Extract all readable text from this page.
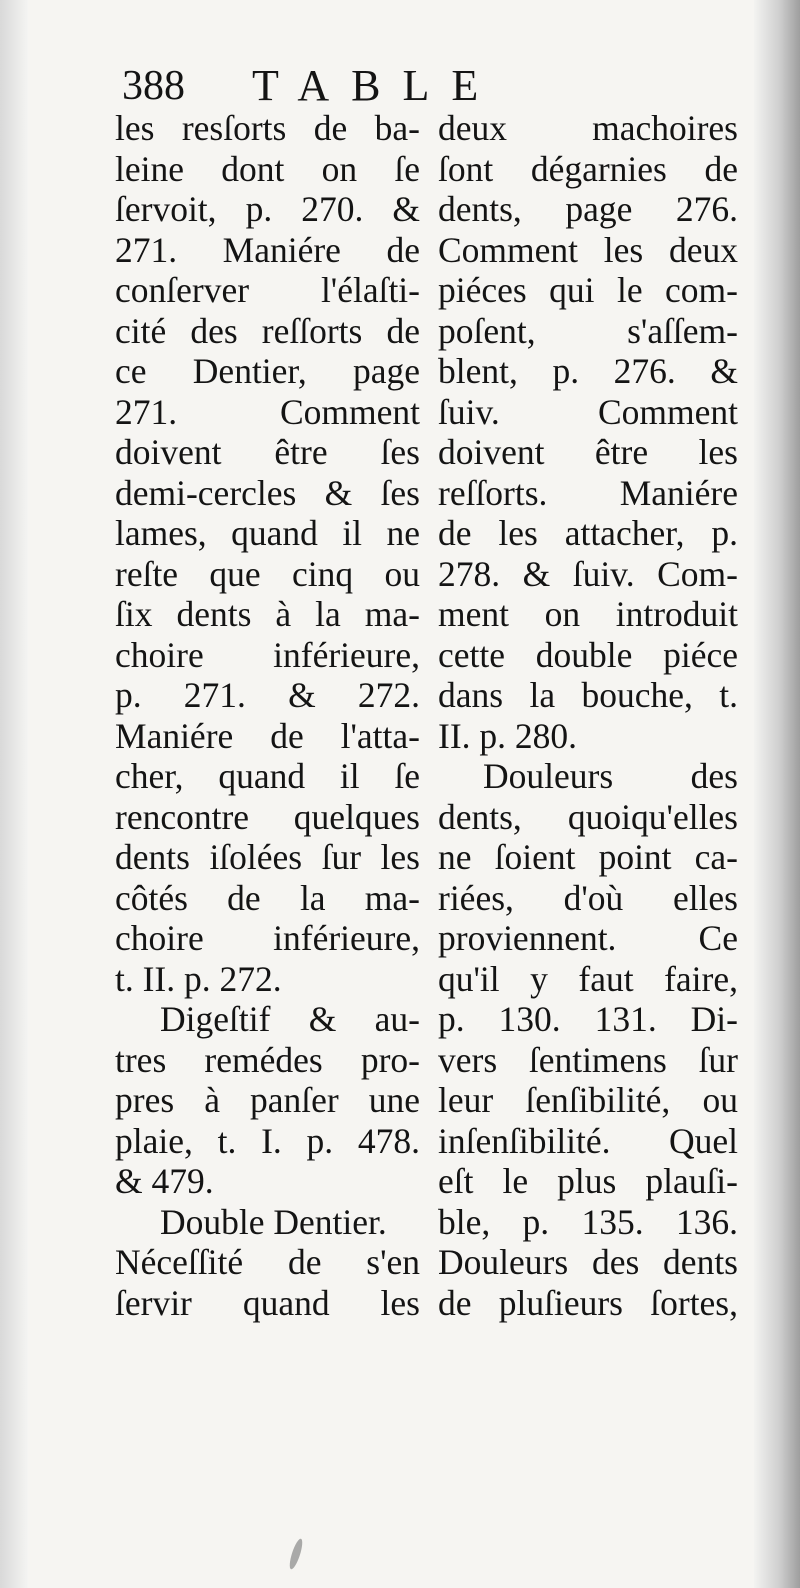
388 TABLE
les resſorts de ba-
leine dont on ſe
ſervoit, p. 270. &
271. Maniére de
conſerver l'élaſti-
cité des reſſorts de
ce Dentier, page
271. Comment
doivent être ſes
demi-cercles & ſes
lames, quand il ne
reſte que cinq ou
ſix dents à la ma-
choire inférieure,
p. 271. & 272.
Maniére de l'atta-
cher, quand il ſe
rencontre quelques
dents iſolées ſur les
côtés de la ma-
choire inférieure,
t. II. p. 272.
Digeſtif & au-
tres remédes pro-
pres à panſer une
plaie, t. I. p. 478.
& 479.
Double Dentier.
Néceſſité de s'en
ſervir quand les
deux machoires
ſont dégarnies de
dents, page 276.
Comment les deux
piéces qui le com-
poſent, s'aſſem-
blent, p. 276. &
ſuiv. Comment
doivent être les
reſſorts. Maniére
de les attacher, p.
278. & ſuiv. Com-
ment on introduit
cette double piéce
dans la bouche, t.
II. p. 280.
Douleurs des
dents, quoiqu'elles
ne ſoient point ca-
riées, d'où elles
proviennent. Ce
qu'il y faut faire,
p. 130. 131. Di-
vers ſentimens ſur
leur ſenſibilité, ou
inſenſibilité. Quel
eſt le plus plauſi-
ble, p. 135. 136.
Douleurs des dents
de pluſieurs ſortes,
